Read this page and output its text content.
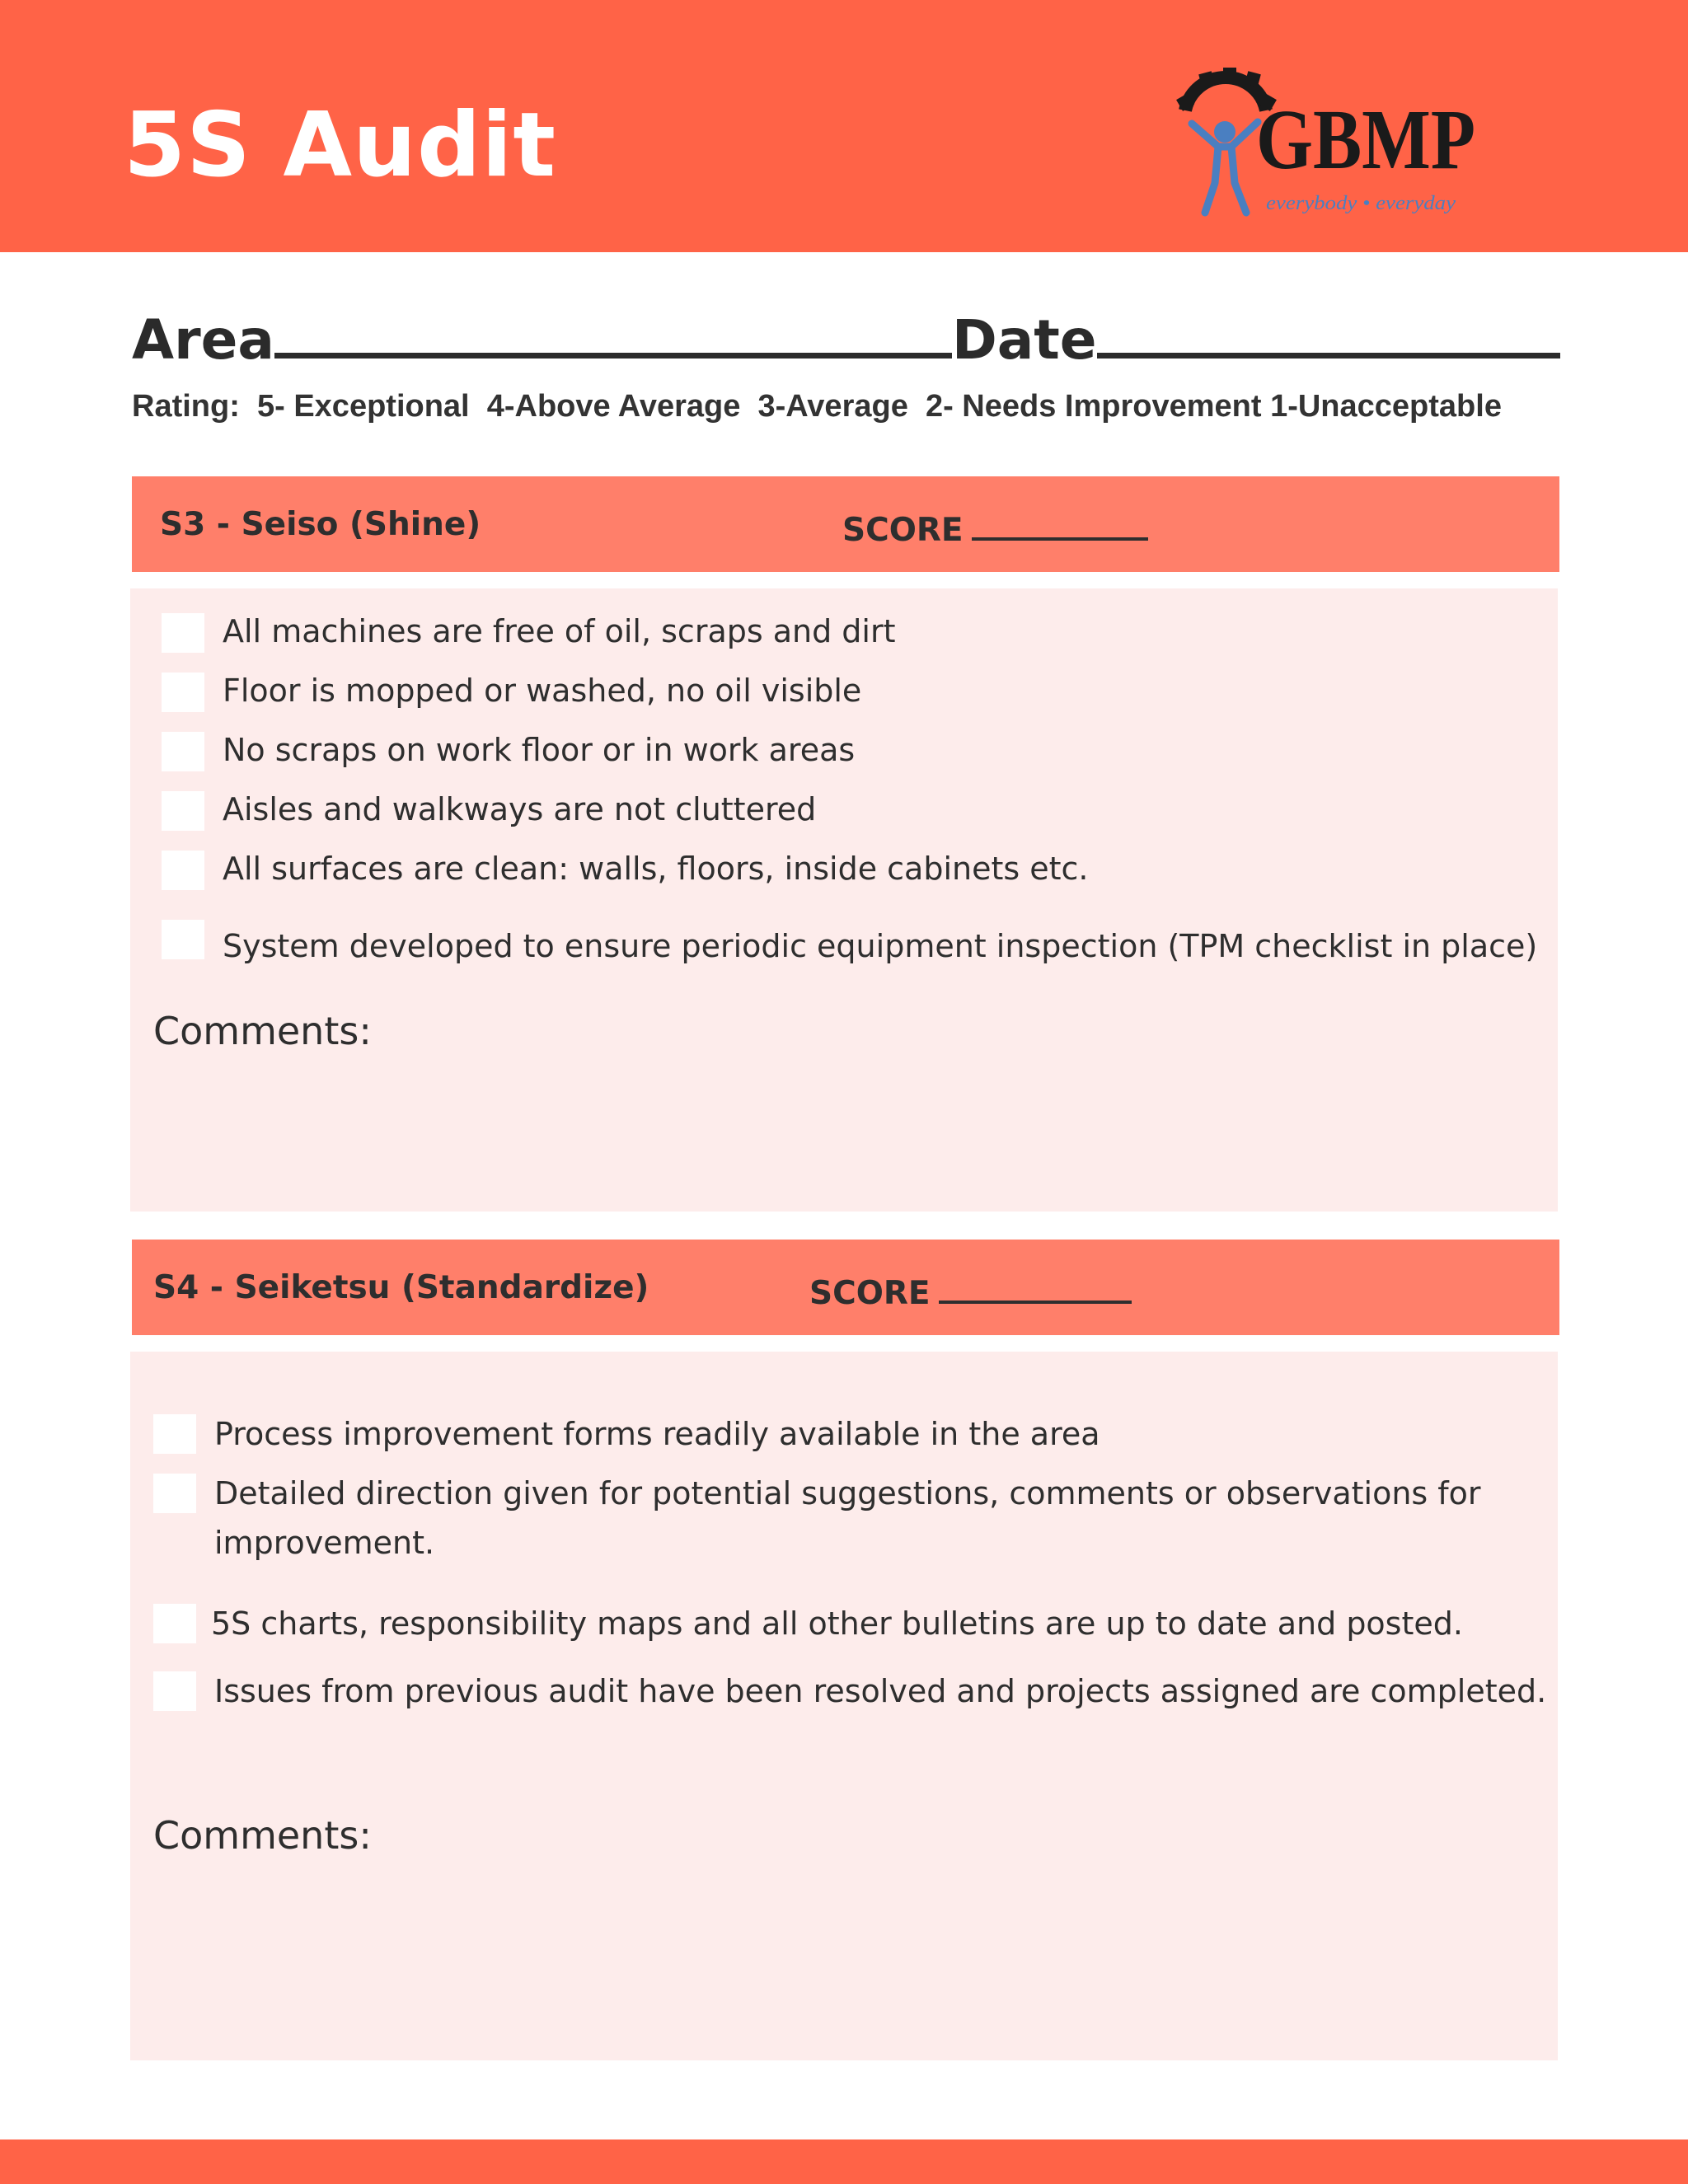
5S Audit	GBMP
everybody • everyday
Area	Date
Rating:  5- Exceptional  4-Above Average  3-Average  2- Needs Improvement 1-Unacceptable
S3 - Seiso (Shine)	SCORE
All machines are free of oil, scraps and dirt
Floor is mopped or washed, no oil visible
No scraps on work floor or in work areas
Aisles and walkways are not cluttered
All surfaces are clean: walls, floors, inside cabinets etc.
System developed to ensure periodic equipment inspection (TPM checklist in place)
Comments:
S4 - Seiketsu (Standardize)	SCORE
Process improvement forms readily available in the area
Detailed direction given for potential suggestions, comments or observations for
improvement.
5S charts, responsibility maps and all other bulletins are up to date and posted.
Issues from previous audit have been resolved and projects assigned are completed.
Comments:
